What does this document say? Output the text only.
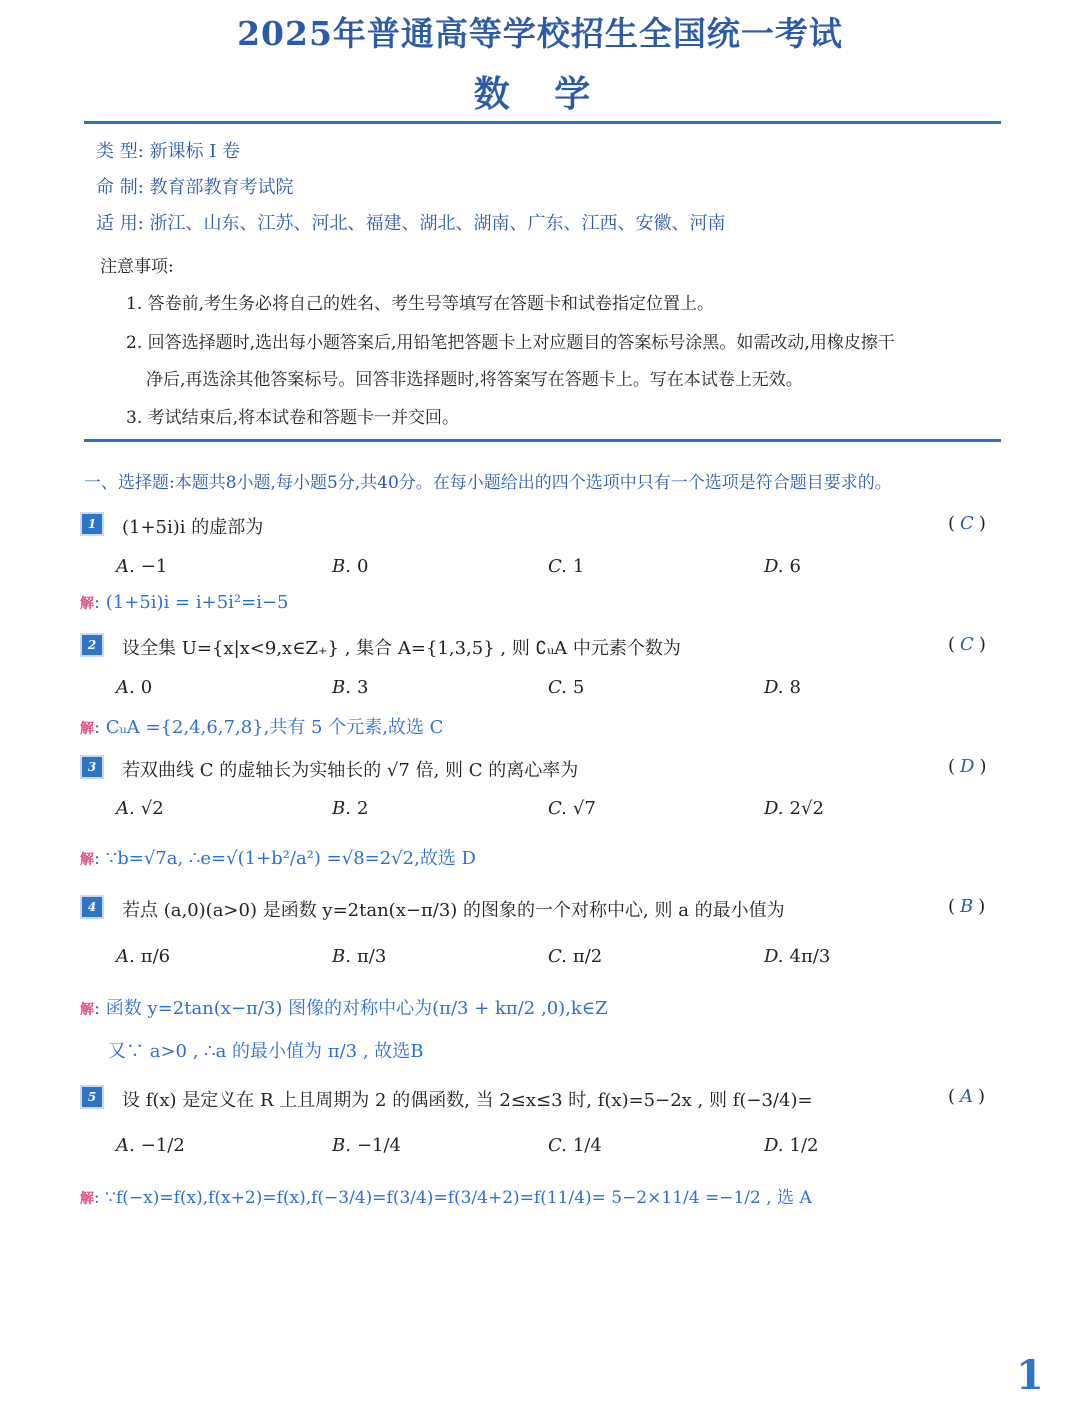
2025年普通高等学校招生全国统一考试
数 学
类 型: 新课标 I 卷
命 制: 教育部教育考试院
适 用: 浙江、山东、江苏、河北、福建、湖北、湖南、广东、江西、安徽、河南
注意事项:
1. 答卷前,考生务必将自己的姓名、考生号等填写在答题卡和试卷指定位置上。
2. 回答选择题时,选出每小题答案后,用铅笔把答题卡上对应题目的答案标号涂黑。如需改动,用橡皮擦干
净后,再选涂其他答案标号。回答非选择题时,将答案写在答题卡上。写在本试卷上无效。
3. 考试结束后,将本试卷和答题卡一并交回。
一、选择题:本题共8小题,每小题5分,共40分。在每小题给出的四个选项中只有一个选项是符合题目要求的。
1	(1+5i)i 的虚部为	( C )
A. −1	B. 0	C. 1	D. 6
解: (1+5i)i = i+5i²=i−5
2	设全集 U={x|x<9,x∈Z₊} , 集合 A={1,3,5} , 则 ∁ᵤA 中元素个数为	( C )
A. 0	B. 3	C. 5	D. 8
解: CᵤA ={2,4,6,7,8},共有 5 个元素,故选 C
3	若双曲线 C 的虚轴长为实轴长的 √7 倍, 则 C 的离心率为	( D )
A. √2	B. 2	C. √7	D. 2√2
解: ∵b=√7a, ∴e=√(1+b²/a²) =√8=2√2,故选 D
4	若点 (a,0)(a>0) 是函数 y=2tan(x−π/3) 的图象的一个对称中心, 则 a 的最小值为	( B )
A. π/6	B. π/3	C. π/2	D. 4π/3
解: 函数 y=2tan(x−π/3) 图像的对称中心为(π/3 + kπ/2 ,0),k∈Z
又∵ a>0 , ∴a 的最小值为 π/3 , 故选B
5	设 f(x) 是定义在 R 上且周期为 2 的偶函数, 当 2≤x≤3 时, f(x)=5−2x , 则 f(−3/4)=	( A )
A. −1/2	B. −1/4	C. 1/4	D. 1/2
解: ∵f(−x)=f(x),f(x+2)=f(x),f(−3/4)=f(3/4)=f(3/4+2)=f(11/4)= 5−2×11/4 =−1/2 , 选 A
1
